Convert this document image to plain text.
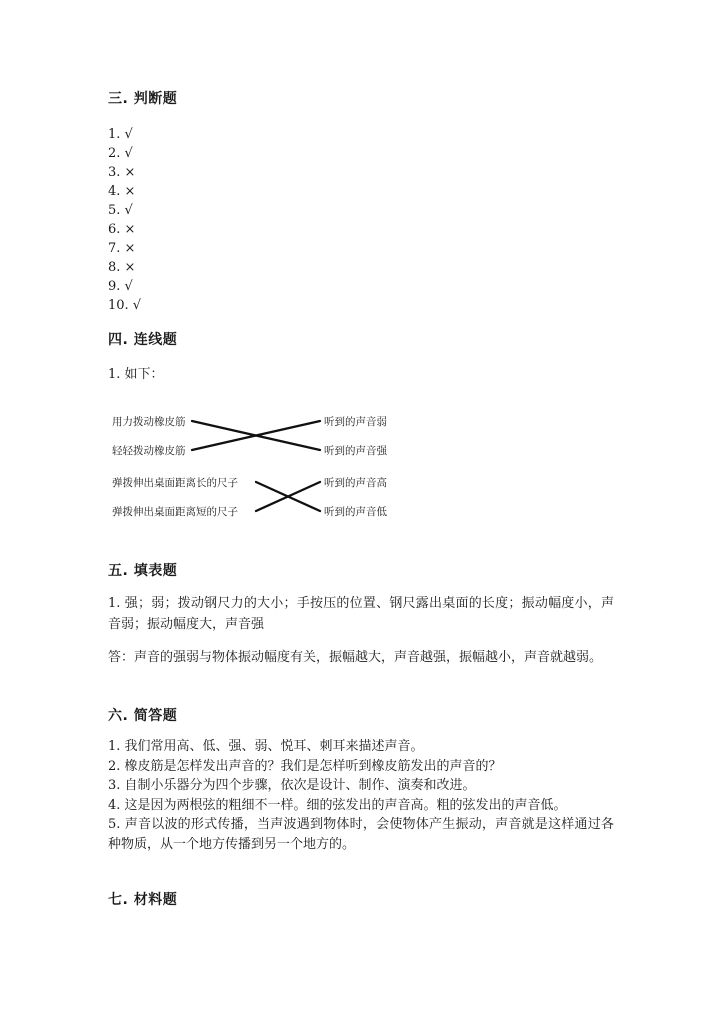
三. 判断题
1. √
2. √
3. ×
4. ×
5. √
6. ×
7. ×
8. ×
9. √
10. √
四. 连线题

1. 如下：

用力拨动橡皮筋
轻轻拨动橡皮筋
弹拨伸出桌面距离长的尺子
弹拨伸出桌面距离短的尺子
听到的声音弱
听到的声音强
听到的声音高
听到的声音低
五. 填表题

1. 强；弱；拨动钢尺力的大小；手按压的位置、钢尺露出桌面的长度；振动幅度小，声音弱；振动幅度大，声音强

答：声音的强弱与物体振动幅度有关，振幅越大，声音越强，振幅越小，声音就越弱。

六. 简答题
1. 我们常用高、低、强、弱、悦耳、刺耳来描述声音。
2. 橡皮筋是怎样发出声音的？我们是怎样听到橡皮筋发出的声音的？
3. 自制小乐器分为四个步骤，依次是设计、制作、演奏和改进。
4. 这是因为两根弦的粗细不一样。细的弦发出的声音高。粗的弦发出的声音低。
5. 声音以波的形式传播，当声波遇到物体时，会使物体产生振动，声音就是这样通过各种物质，从一个地方传播到另一个地方的。
七. 材料题
